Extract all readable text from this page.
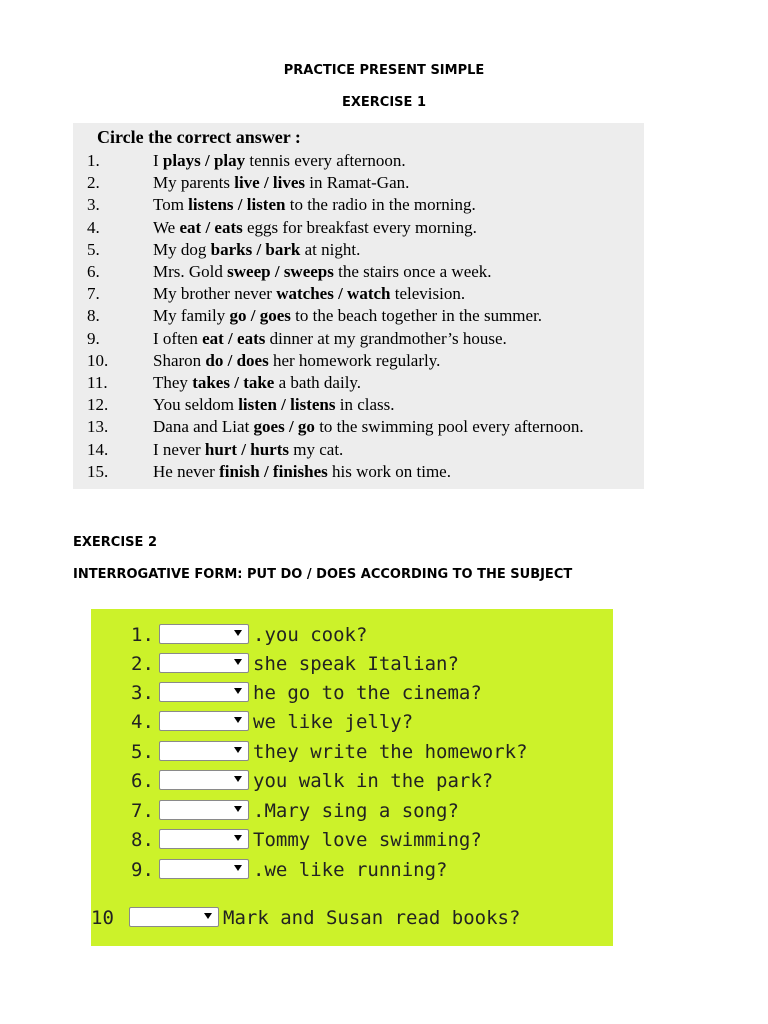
PRACTICE PRESENT SIMPLE
EXERCISE 1
Circle the correct answer :
1.	I plays / play tennis every afternoon.
2.	My parents live / lives in Ramat-Gan.
3.	Tom listens / listen to the radio in the morning.
4.	We eat / eats eggs for breakfast every morning.
5.	My dog barks / bark at night.
6.	Mrs. Gold sweep / sweeps the stairs once a week.
7.	My brother never watches / watch television.
8.	My family go / goes to the beach together in the summer.
9.	I often eat / eats dinner at my grandmother’s house.
10.	Sharon do / does her homework regularly.
11.	They takes / take a bath daily.
12.	You seldom listen / listens in class.
13.	Dana and Liat goes / go to the swimming pool every afternoon.
14.	I never hurt / hurts my cat.
15.	He never finish / finishes his work on time.
EXERCISE 2
INTERROGATIVE FORM: PUT DO / DOES ACCORDING TO THE SUBJECT
1.	.you cook?
2.	she speak Italian?
3.	he go to the cinema?
4.	we like jelly?
5.	they write the homework?
6.	you walk in the park?
7.	.Mary sing a song?
8.	Tommy love swimming?
9.	.we like running?
10	Mark and Susan read books?
